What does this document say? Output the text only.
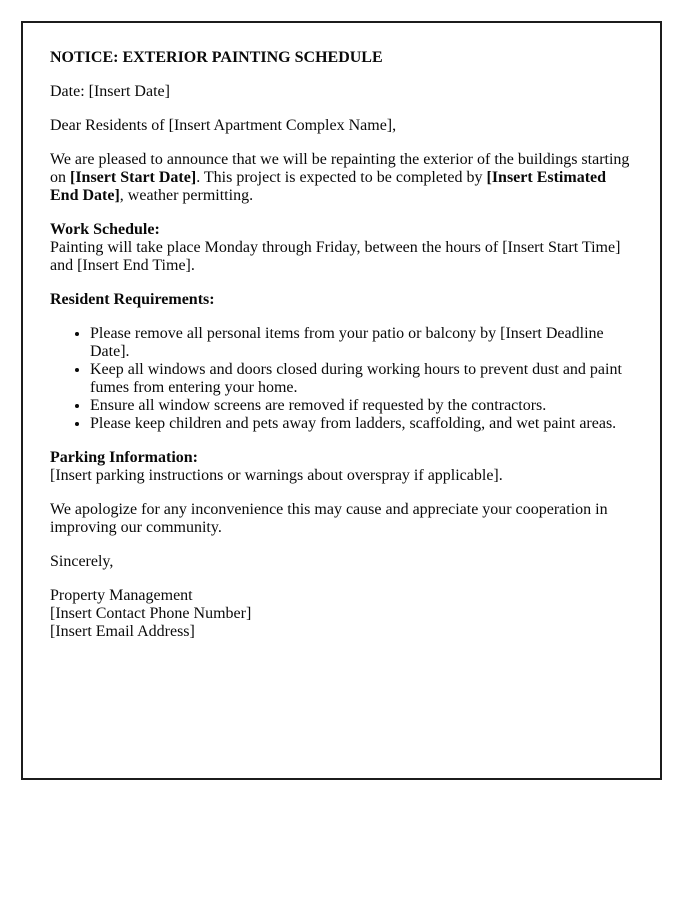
NOTICE: EXTERIOR PAINTING SCHEDULE

Date: [Insert Date]

Dear Residents of [Insert Apartment Complex Name],

We are pleased to announce that we will be repainting the exterior of the buildings starting on [Insert Start Date]. This project is expected to be completed by [Insert Estimated End Date], weather permitting.

Work Schedule:
Painting will take place Monday through Friday, between the hours of [Insert Start Time] and [Insert End Time].

Resident Requirements:

• Please remove all personal items from your patio or balcony by [Insert Deadline Date].
• Keep all windows and doors closed during working hours to prevent dust and paint fumes from entering your home.
• Ensure all window screens are removed if requested by the contractors.
• Please keep children and pets away from ladders, scaffolding, and wet paint areas.

Parking Information:
[Insert parking instructions or warnings about overspray if applicable].

We apologize for any inconvenience this may cause and appreciate your cooperation in improving our community.

Sincerely,

Property Management
[Insert Contact Phone Number]
[Insert Email Address]
